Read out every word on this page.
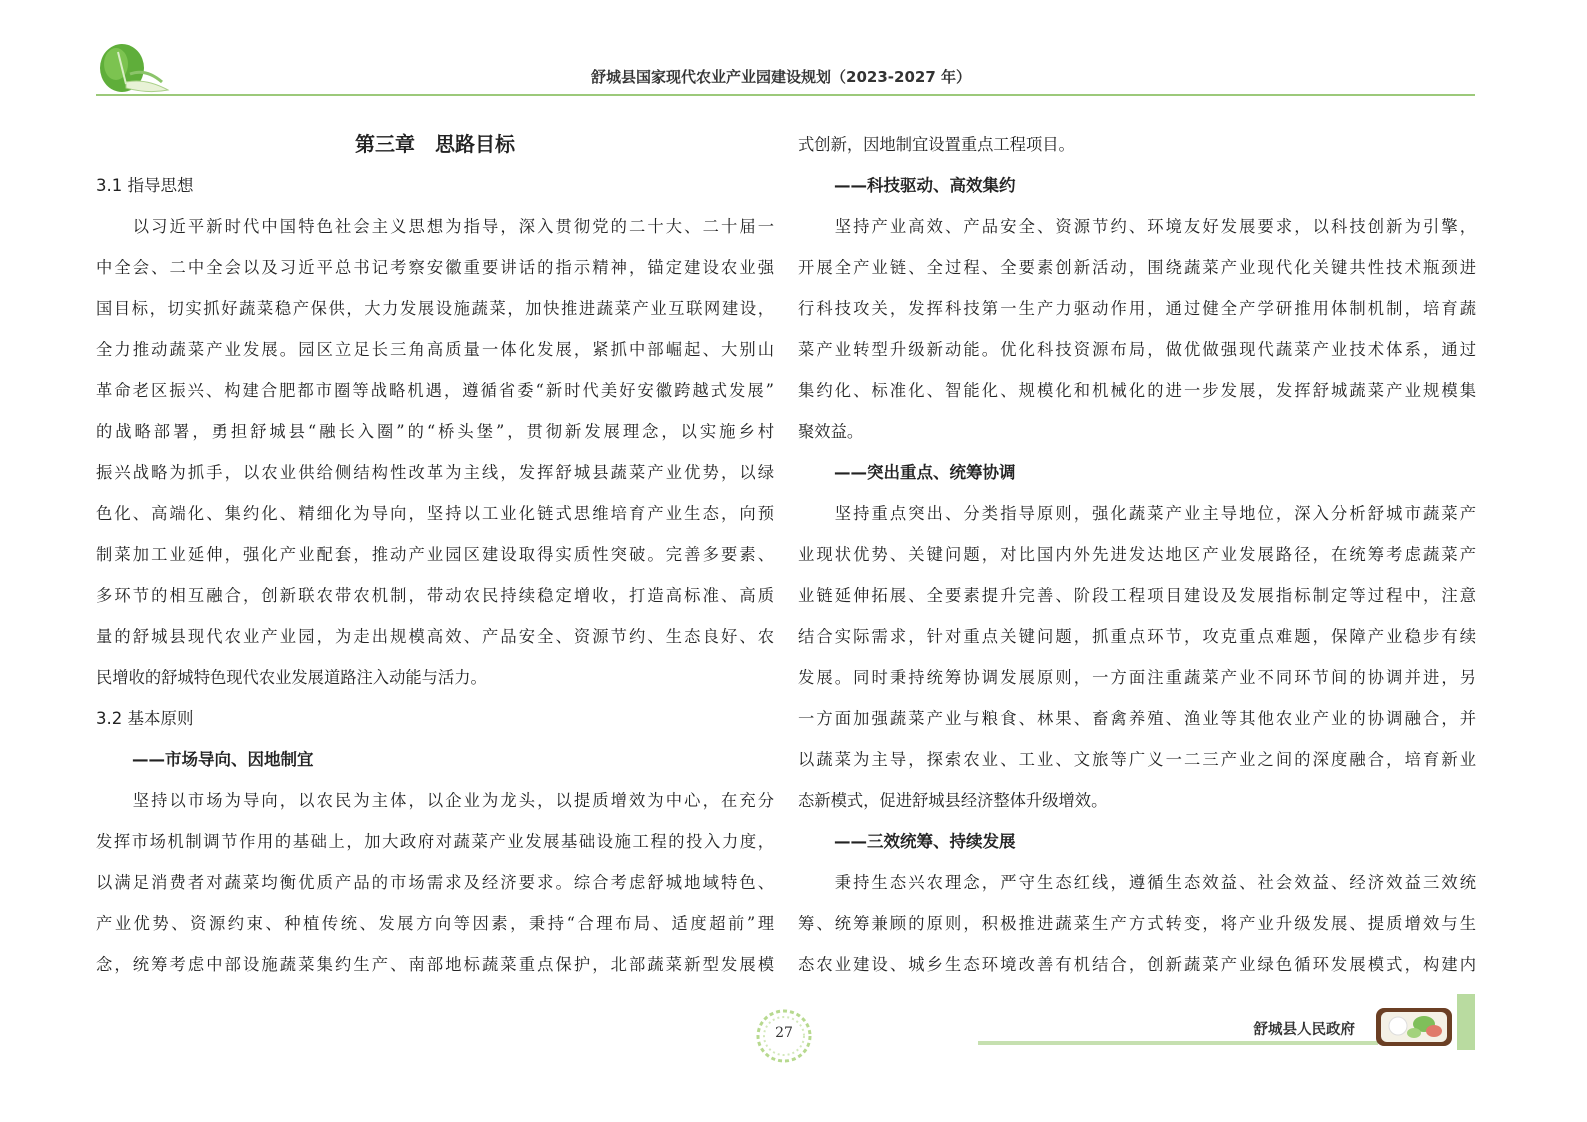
舒城县国家现代农业产业园建设规划（2023-2027 年）
第三章　思路目标
3.1 指导思想
　　以习近平新时代中国特色社会主义思想为指导，深入贯彻党的二十大、二十届一
中全会、二中全会以及习近平总书记考察安徽重要讲话的指示精神，锚定建设农业强
国目标，切实抓好蔬菜稳产保供，大力发展设施蔬菜，加快推进蔬菜产业互联网建设，
全力推动蔬菜产业发展。园区立足长三角高质量一体化发展，紧抓中部崛起、大别山
革命老区振兴、构建合肥都市圈等战略机遇，遵循省委“新时代美好安徽跨越式发展”
的战略部署，勇担舒城县“融长入圈”的“桥头堡”，贯彻新发展理念，以实施乡村
振兴战略为抓手，以农业供给侧结构性改革为主线，发挥舒城县蔬菜产业优势，以绿
色化、高端化、集约化、精细化为导向，坚持以工业化链式思维培育产业生态，向预
制菜加工业延伸，强化产业配套，推动产业园区建设取得实质性突破。完善多要素、
多环节的相互融合，创新联农带农机制，带动农民持续稳定增收，打造高标准、高质
量的舒城县现代农业产业园，为走出规模高效、产品安全、资源节约、生态良好、农
民增收的舒城特色现代农业发展道路注入动能与活力。
3.2 基本原则
——市场导向、因地制宜
　　坚持以市场为导向，以农民为主体，以企业为龙头，以提质增效为中心，在充分
发挥市场机制调节作用的基础上，加大政府对蔬菜产业发展基础设施工程的投入力度，
以满足消费者对蔬菜均衡优质产品的市场需求及经济要求。综合考虑舒城地域特色、
产业优势、资源约束、种植传统、发展方向等因素，秉持“合理布局、适度超前”理
念，统筹考虑中部设施蔬菜集约生产、南部地标蔬菜重点保护，北部蔬菜新型发展模
式创新，因地制宜设置重点工程项目。
——科技驱动、高效集约
　　坚持产业高效、产品安全、资源节约、环境友好发展要求，以科技创新为引擎，
开展全产业链、全过程、全要素创新活动，围绕蔬菜产业现代化关键共性技术瓶颈进
行科技攻关，发挥科技第一生产力驱动作用，通过健全产学研推用体制机制，培育蔬
菜产业转型升级新动能。优化科技资源布局，做优做强现代蔬菜产业技术体系，通过
集约化、标准化、智能化、规模化和机械化的进一步发展，发挥舒城蔬菜产业规模集
聚效益。
——突出重点、统筹协调
　　坚持重点突出、分类指导原则，强化蔬菜产业主导地位，深入分析舒城市蔬菜产
业现状优势、关键问题，对比国内外先进发达地区产业发展路径，在统筹考虑蔬菜产
业链延伸拓展、全要素提升完善、阶段工程项目建设及发展指标制定等过程中，注意
结合实际需求，针对重点关键问题，抓重点环节，攻克重点难题，保障产业稳步有续
发展。同时秉持统筹协调发展原则，一方面注重蔬菜产业不同环节间的协调并进，另
一方面加强蔬菜产业与粮食、林果、畜禽养殖、渔业等其他农业产业的协调融合，并
以蔬菜为主导，探索农业、工业、文旅等广义一二三产业之间的深度融合，培育新业
态新模式，促进舒城县经济整体升级增效。
——三效统筹、持续发展
　　秉持生态兴农理念，严守生态红线，遵循生态效益、社会效益、经济效益三效统
筹、统筹兼顾的原则，积极推进蔬菜生产方式转变，将产业升级发展、提质增效与生
态农业建设、城乡生态环境改善有机结合，创新蔬菜产业绿色循环发展模式，构建内
27	舒城县人民政府
